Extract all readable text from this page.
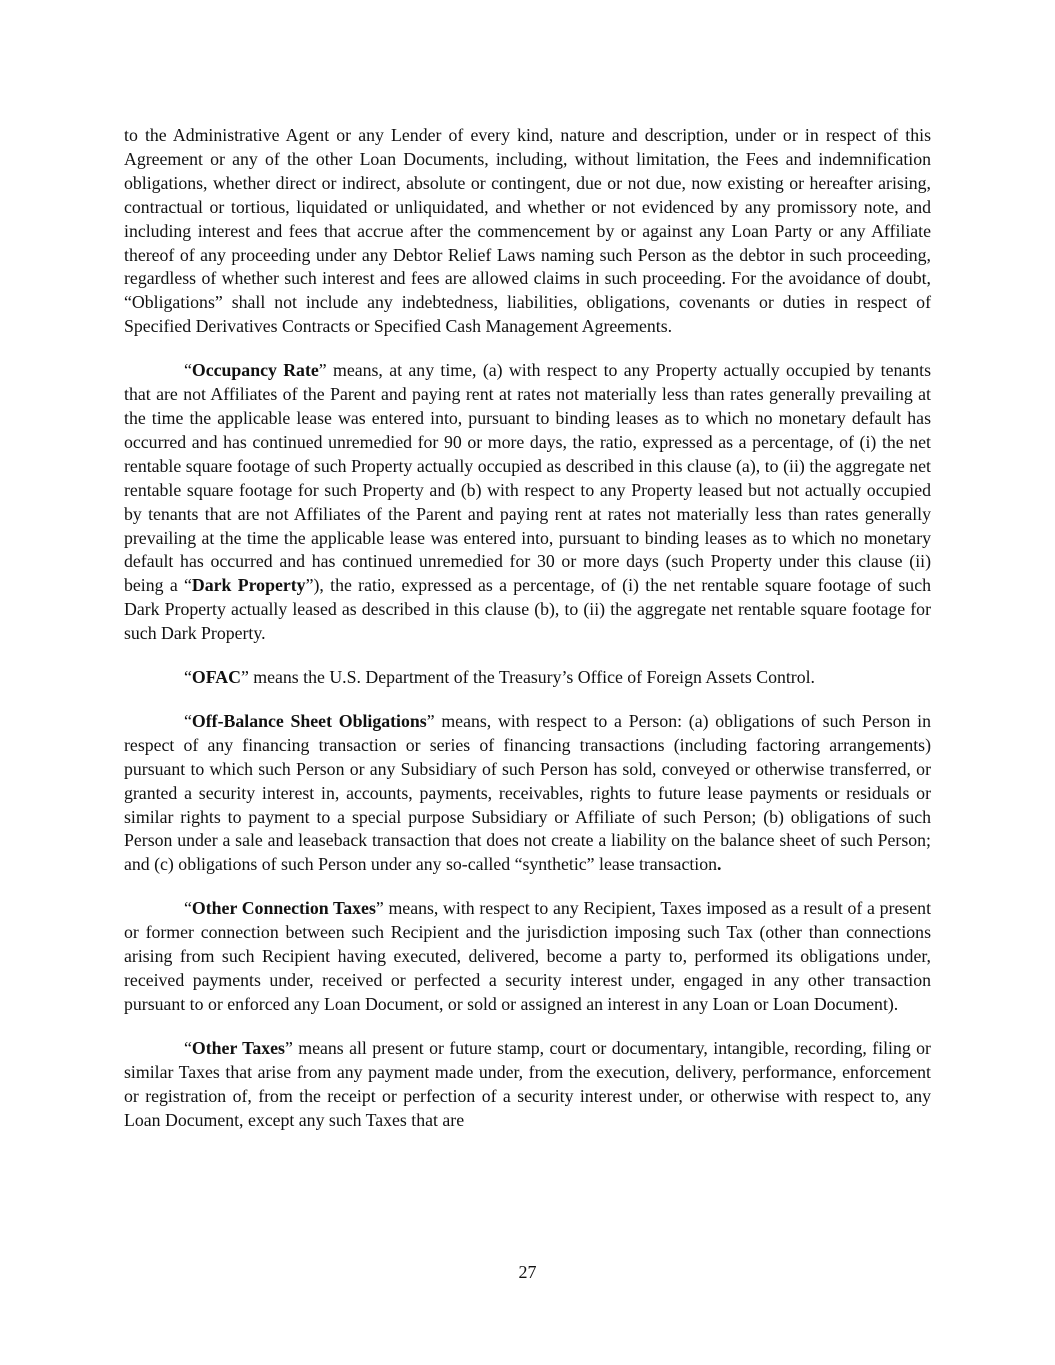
to the Administrative Agent or any Lender of every kind, nature and description, under or in respect of this Agreement or any of the other Loan Documents, including, without limitation, the Fees and indemnification obligations, whether direct or indirect, absolute or contingent, due or not due, now existing or hereafter arising, contractual or tortious, liquidated or unliquidated, and whether or not evidenced by any promissory note, and including interest and fees that accrue after the commencement by or against any Loan Party or any Affiliate thereof of any proceeding under any Debtor Relief Laws naming such Person as the debtor in such proceeding, regardless of whether such interest and fees are allowed claims in such proceeding. For the avoidance of doubt, “Obligations” shall not include any indebtedness, liabilities, obligations, covenants or duties in respect of Specified Derivatives Contracts or Specified Cash Management Agreements.

“Occupancy Rate” means, at any time, (a) with respect to any Property actually occupied by tenants that are not Affiliates of the Parent and paying rent at rates not materially less than rates generally prevailing at the time the applicable lease was entered into, pursuant to binding leases as to which no monetary default has occurred and has continued unremedied for 90 or more days, the ratio, expressed as a percentage, of (i) the net rentable square footage of such Property actually occupied as described in this clause (a), to (ii) the aggregate net rentable square footage for such Property and (b) with respect to any Property leased but not actually occupied by tenants that are not Affiliates of the Parent and paying rent at rates not materially less than rates generally prevailing at the time the applicable lease was entered into, pursuant to binding leases as to which no monetary default has occurred and has continued unremedied for 30 or more days (such Property under this clause (ii) being a “Dark Property”), the ratio, expressed as a percentage, of (i) the net rentable square footage of such Dark Property actually leased as described in this clause (b), to (ii) the aggregate net rentable square footage for such Dark Property.

“OFAC” means the U.S. Department of the Treasury’s Office of Foreign Assets Control.

“Off-Balance Sheet Obligations” means, with respect to a Person: (a) obligations of such Person in respect of any financing transaction or series of financing transactions (including factoring arrangements) pursuant to which such Person or any Subsidiary of such Person has sold, conveyed or otherwise transferred, or granted a security interest in, accounts, payments, receivables, rights to future lease payments or residuals or similar rights to payment to a special purpose Subsidiary or Affiliate of such Person; (b) obligations of such Person under a sale and leaseback transaction that does not create a liability on the balance sheet of such Person; and (c) obligations of such Person under any so-called “synthetic” lease transaction.

“Other Connection Taxes” means, with respect to any Recipient, Taxes imposed as a result of a present or former connection between such Recipient and the jurisdiction imposing such Tax (other than connections arising from such Recipient having executed, delivered, become a party to, performed its obligations under, received payments under, received or perfected a security interest under, engaged in any other transaction pursuant to or enforced any Loan Document, or sold or assigned an interest in any Loan or Loan Document).

“Other Taxes” means all present or future stamp, court or documentary, intangible, recording, filing or similar Taxes that arise from any payment made under, from the execution, delivery, performance, enforcement or registration of, from the receipt or perfection of a security interest under, or otherwise with respect to, any Loan Document, except any such Taxes that are

27
